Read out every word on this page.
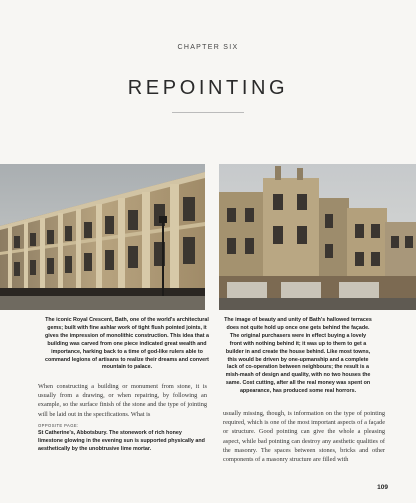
CHAPTER SIX
REPOINTING
The iconic Royal Crescent, Bath, one of the world's architectural gems; built with fine ashlar work of tight flush pointed joints, it gives the impression of monolithic construction. This idea that a building was carved from one piece indicated great wealth and importance, harking back to a time of god-like rulers able to command legions of artisans to realize their dreams and convert mountain to palace.
The image of beauty and unity of Bath's hallowed terraces does not quite hold up once one gets behind the façade. The original purchasers were in effect buying a lovely front with nothing behind it; it was up to them to get a builder in and create the house behind. Like most towns, this would be driven by one-upmanship and a complete lack of co-operation between neighbours; the result is a mish-mash of design and quality, with no two houses the same. Cost cutting, after all the real money was spent on appearance, has produced some real horrors.
When constructing a building or monument from stone, it is usually from a drawing, or when repairing, by following an example, so the surface finish of the stone and the type of jointing will be laid out in the specifications. What is
OPPOSITE PAGE:
St Catherine's, Abbotsbury. The stonework of rich honey limestone glowing in the evening sun is supported physically and aesthetically by the unobtrusive lime mortar.
usually missing, though, is information on the type of pointing required, which is one of the most important aspects of a façade or structure. Good pointing can give the whole a pleasing aspect, while bad pointing can destroy any aesthetic qualities of the masonry. The spaces between stones, bricks and other components of a masonry structure are filled with
109
